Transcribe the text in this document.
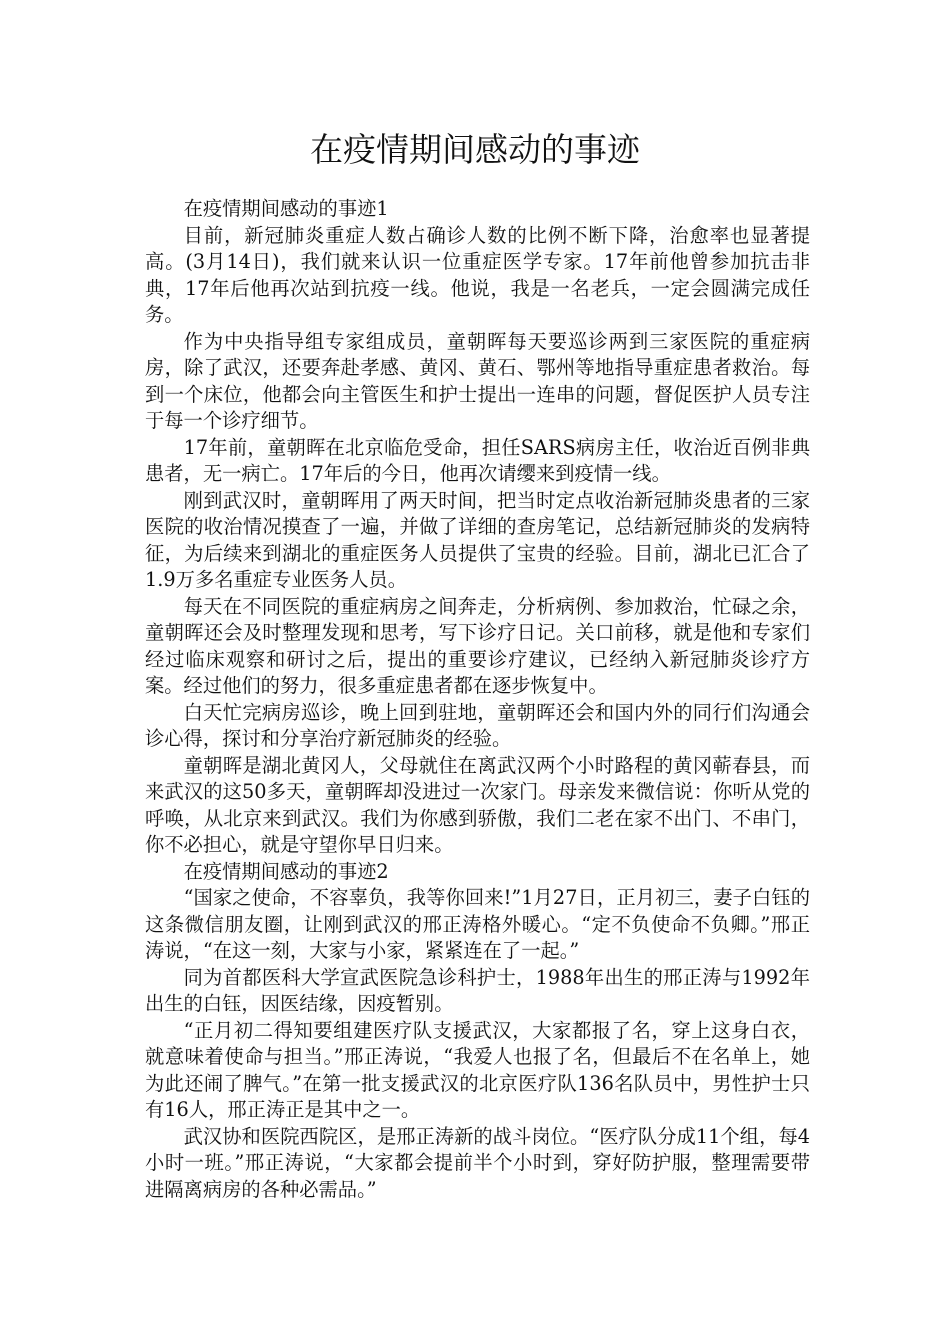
在疫情期间感动的事迹

在疫情期间感动的事迹1

目前，新冠肺炎重症人数占确诊人数的比例不断下降，治愈率也显著提高。(3月14日)，我们就来认识一位重症医学专家。17年前他曾参加抗击非典，17年后他再次站到抗疫一线。他说，我是一名老兵，一定会圆满完成任务。

作为中央指导组专家组成员，童朝晖每天要巡诊两到三家医院的重症病房，除了武汉，还要奔赴孝感、黄冈、黄石、鄂州等地指导重症患者救治。每到一个床位，他都会向主管医生和护士提出一连串的问题，督促医护人员专注于每一个诊疗细节。

17年前，童朝晖在北京临危受命，担任SARS病房主任，收治近百例非典患者，无一病亡。17年后的今日，他再次请缨来到疫情一线。

刚到武汉时，童朝晖用了两天时间，把当时定点收治新冠肺炎患者的三家医院的收治情况摸查了一遍，并做了详细的查房笔记，总结新冠肺炎的发病特征，为后续来到湖北的重症医务人员提供了宝贵的经验。目前，湖北已汇合了1.9万多名重症专业医务人员。

每天在不同医院的重症病房之间奔走，分析病例、参加救治，忙碌之余，童朝晖还会及时整理发现和思考，写下诊疗日记。关口前移，就是他和专家们经过临床观察和研讨之后，提出的重要诊疗建议，已经纳入新冠肺炎诊疗方案。经过他们的努力，很多重症患者都在逐步恢复中。

白天忙完病房巡诊，晚上回到驻地，童朝晖还会和国内外的同行们沟通会诊心得，探讨和分享治疗新冠肺炎的经验。

童朝晖是湖北黄冈人，父母就住在离武汉两个小时路程的黄冈蕲春县，而来武汉的这50多天，童朝晖却没进过一次家门。母亲发来微信说：你听从党的呼唤，从北京来到武汉。我们为你感到骄傲，我们二老在家不出门、不串门，你不必担心，就是守望你早日归来。

在疫情期间感动的事迹2

“国家之使命，不容辜负，我等你回来!”1月27日，正月初三，妻子白钰的这条微信朋友圈，让刚到武汉的邢正涛格外暖心。“定不负使命不负卿。”邢正涛说，“在这一刻，大家与小家，紧紧连在了一起。”

同为首都医科大学宣武医院急诊科护士，1988年出生的邢正涛与1992年出生的白钰，因医结缘，因疫暂别。

“正月初二得知要组建医疗队支援武汉，大家都报了名，穿上这身白衣，就意味着使命与担当。”邢正涛说，“我爱人也报了名，但最后不在名单上，她为此还闹了脾气。”在第一批支援武汉的北京医疗队136名队员中，男性护士只有16人，邢正涛正是其中之一。

武汉协和医院西院区，是邢正涛新的战斗岗位。“医疗队分成11个组，每4小时一班。”邢正涛说，“大家都会提前半个小时到，穿好防护服，整理需要带进隔离病房的各种必需品。”
